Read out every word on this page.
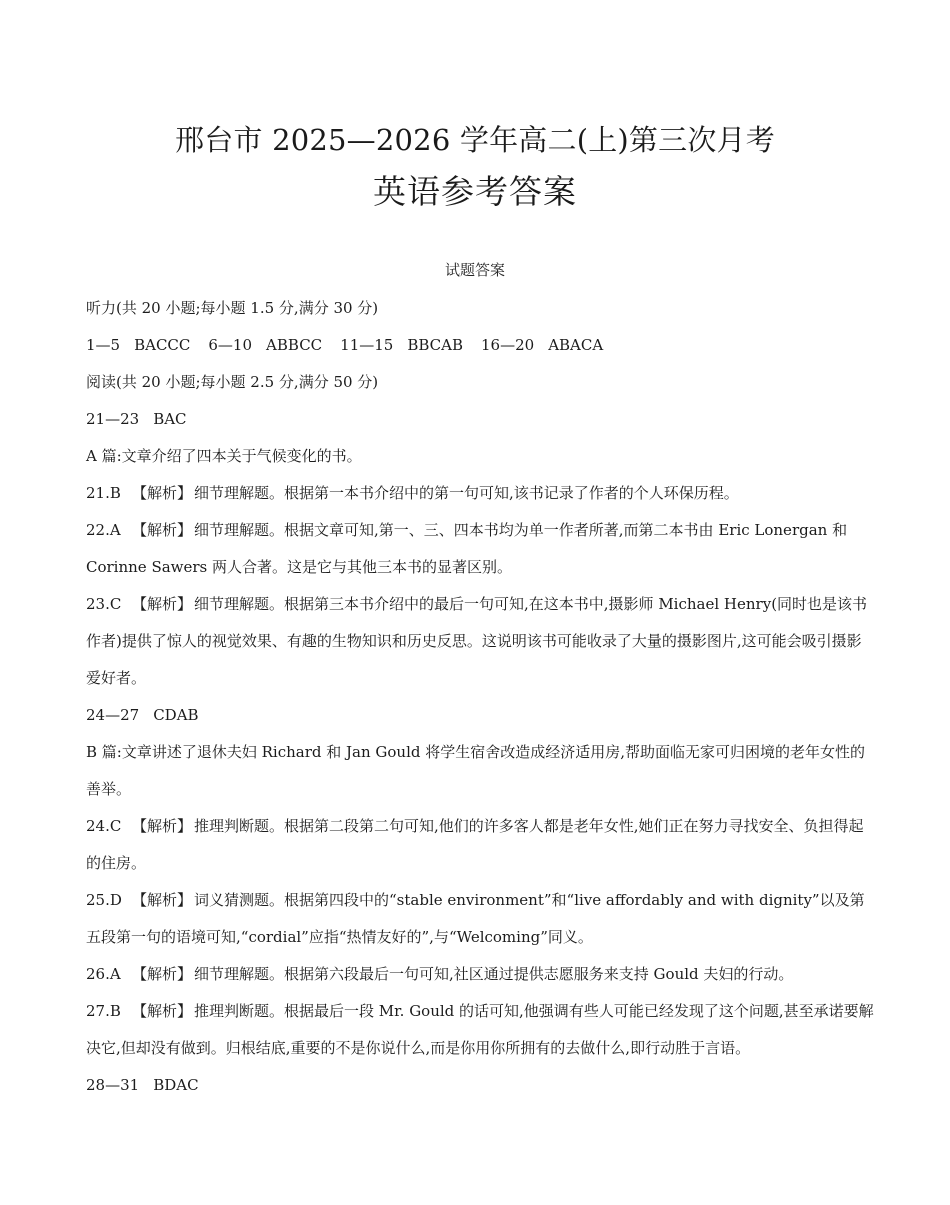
邢台市 2025—2026 学年高二(上)第三次月考
英语参考答案
试题答案

听力(共 20 小题;每小题 1.5 分,满分 30 分)

1—5 BACCC 6—10 ABBCC 11—15 BBCAB 16—20 ABACA

阅读(共 20 小题;每小题 2.5 分,满分 50 分)

21—23 BAC

A 篇:文章介绍了四本关于气候变化的书。

21.B 【解析】 细节理解题。根据第一本书介绍中的第一句可知,该书记录了作者的个人环保历程。

22.A 【解析】 细节理解题。根据文章可知,第一、三、四本书均为单一作者所著,而第二本书由 Eric Lonergan 和 Corinne Sawers 两人合著。这是它与其他三本书的显著区别。

23.C 【解析】 细节理解题。根据第三本书介绍中的最后一句可知,在这本书中,摄影师 Michael Henry(同时也是该书作者)提供了惊人的视觉效果、有趣的生物知识和历史反思。这说明该书可能收录了大量的摄影图片,这可能会吸引摄影爱好者。

24—27 CDAB

B 篇:文章讲述了退休夫妇 Richard 和 Jan Gould 将学生宿舍改造成经济适用房,帮助面临无家可归困境的老年女性的善举。

24.C 【解析】 推理判断题。根据第二段第二句可知,他们的许多客人都是老年女性,她们正在努力寻找安全、负担得起的住房。

25.D 【解析】 词义猜测题。根据第四段中的“stable environment”和“live affordably and with dignity”以及第五段第一句的语境可知,“cordial”应指“热情友好的”,与“Welcoming”同义。

26.A 【解析】 细节理解题。根据第六段最后一句可知,社区通过提供志愿服务来支持 Gould 夫妇的行动。

27.B 【解析】 推理判断题。根据最后一段 Mr. Gould 的话可知,他强调有些人可能已经发现了这个问题,甚至承诺要解决它,但却没有做到。归根结底,重要的不是你说什么,而是你用你所拥有的去做什么,即行动胜于言语。

28—31 BDAC
